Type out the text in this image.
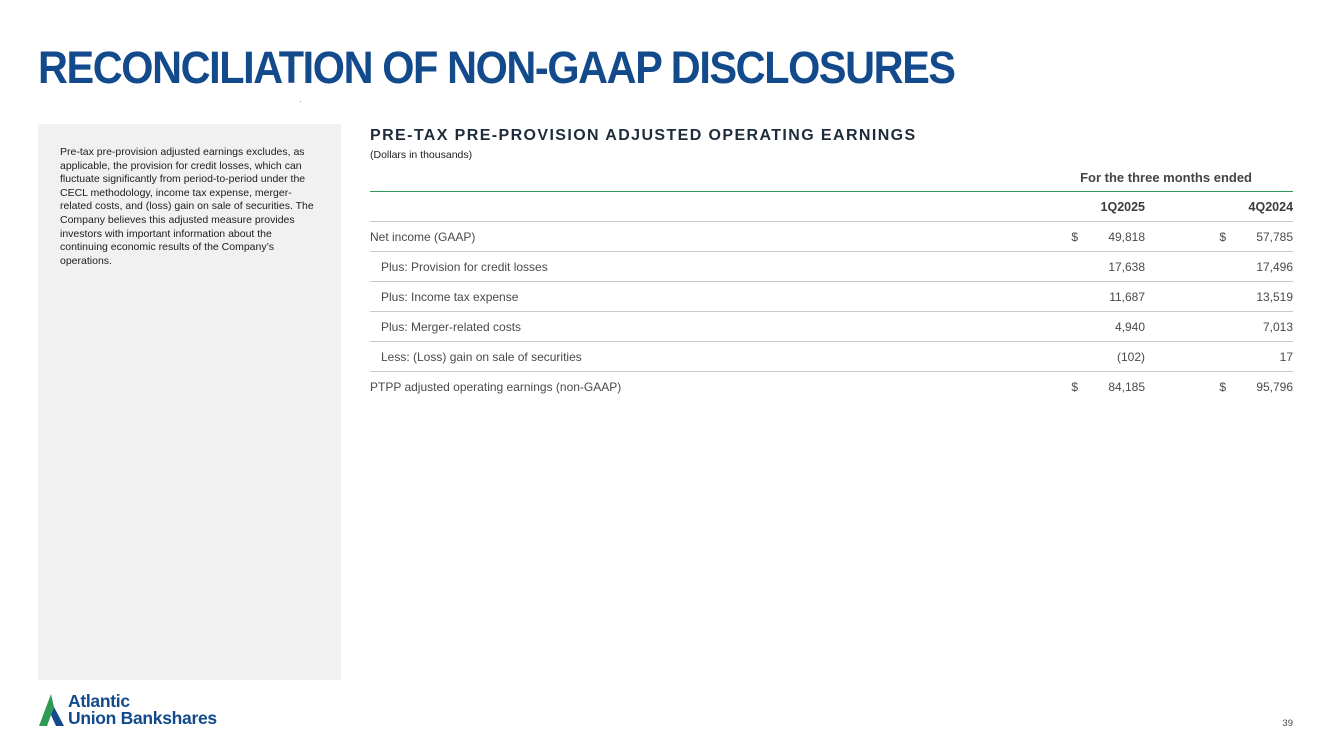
RECONCILIATION OF NON-GAAP DISCLOSURES

Pre-tax pre-provision adjusted earnings excludes, as applicable, the provision for credit losses, which can fluctuate significantly from period-to-period under the CECL methodology, income tax expense, merger-related costs, and (loss) gain on sale of securities. The Company believes this adjusted measure provides investors with important information about the continuing economic results of the Company’s operations.

PRE-TAX PRE-PROVISION ADJUSTED OPERATING EARNINGS

(Dollars in thousands)

For the three months ended
	1Q2025		4Q2024	
Net income (GAAP)	$	49,818	$	57,785
Plus: Provision for credit losses		17,638		17,496
Plus: Income tax expense		11,687		13,519
Plus: Merger-related costs		4,940		7,013
Less: (Loss) gain on sale of securities		(102)		17
PTPP adjusted operating earnings (non-GAAP)	$	84,185	$	95,796
Atlantic
Union Bankshares	39
